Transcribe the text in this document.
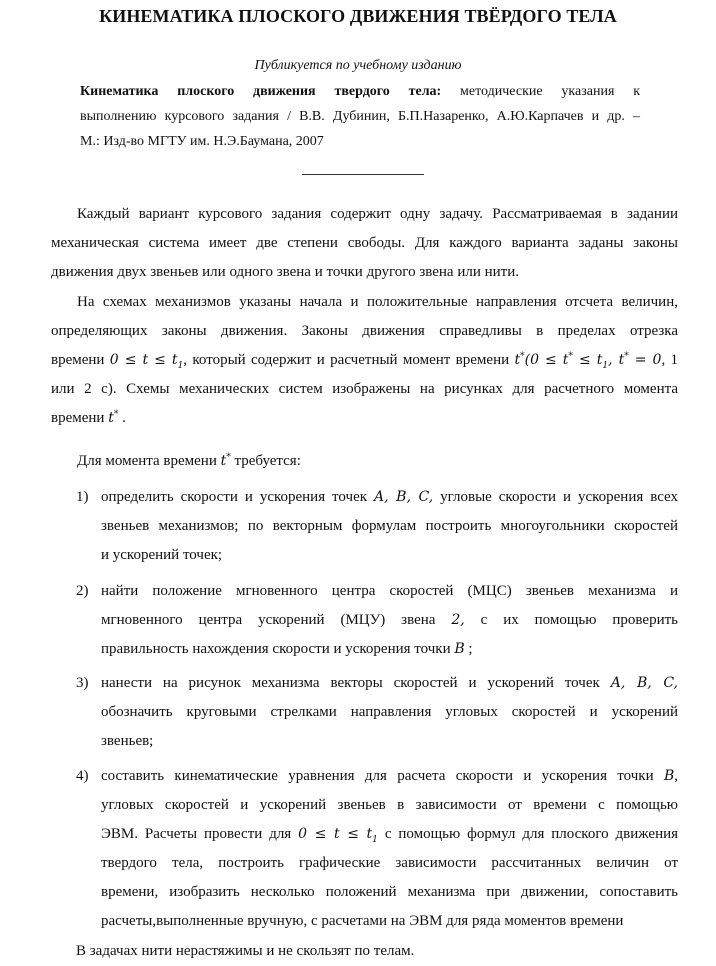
КИНЕМАТИКА ПЛОСКОГО ДВИЖЕНИЯ ТВЁРДОГО ТЕЛА
Публикуется по учебному изданию
Кинематика плоского движения твердого тела: методические указания к
выполнению курсового задания / В.В. Дубинин, Б.П.Назаренко, А.Ю.Карпачев и др. –
М.: Изд-во МГТУ им. Н.Э.Баумана, 2007
Каждый вариант курсового задания содержит одну задачу. Рассматриваемая в задании
механическая система имеет две степени свободы. Для каждого варианта заданы законы
движения двух звеньев или одного звена и точки другого звена или нити.
На схемах механизмов указаны начала и положительные направления отсчета величин,
определяющих законы движения. Законы движения справедливы в пределах отрезка
времени $0 \le t \le t_1$, который содержит и расчетный момент времени $t^*(0 \le t^* \le t_1$, t* = 0, 1
или 2 с). Схемы механических систем изображены на рисунках для расчетного момента
времени t* .
Для момента времени t* требуется:
1) определить скорости и ускорения точек A, B, C, угловые скорости и ускорения всех
звеньев механизмов; по векторным формулам построить многоугольники скоростей
и ускорений точек;
2) найти положение мгновенного центра скоростей (МЦС) звеньев механизма и
мгновенного центра ускорений (МЦУ) звена 2, с их помощью проверить
правильность нахождения скорости и ускорения точки B ;
3) нанести на рисунок механизма векторы скоростей и ускорений точек A, B, C,
обозначить круговыми стрелками направления угловых скоростей и ускорений
звеньев;
4) составить кинематические уравнения для расчета скорости и ускорения точки B,
угловых скоростей и ускорений звеньев в зависимости от времени с помощью
ЭВМ. Расчеты провести для $0 \le t \le t_1$ с помощью формул для плоского движения
твердого тела, построить графические зависимости рассчитанных величин от
времени, изобразить несколько положений механизма при движении, сопоставить
расчеты,выполненные вручную, с расчетами на ЭВМ для ряда моментов времени
В задачах нити нерастяжимы и не скользят по телам.
